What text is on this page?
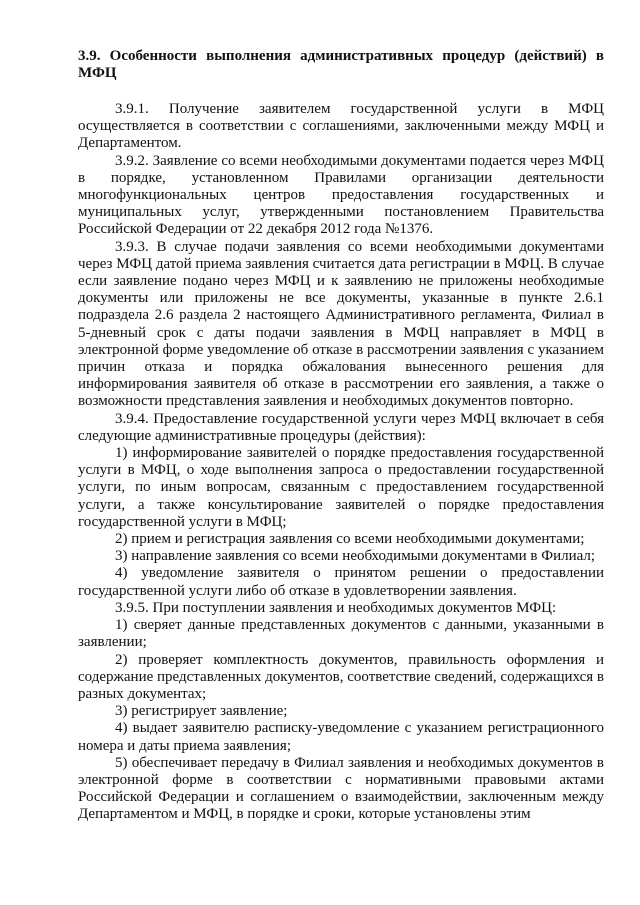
3.9. Особенности выполнения административных процедур (действий) в МФЦ

3.9.1. Получение заявителем государственной услуги в МФЦ осуществляется в соответствии с соглашениями, заключенными между МФЦ и Департаментом.

3.9.2. Заявление со всеми необходимыми документами подается через МФЦ в порядке, установленном Правилами организации деятельности многофункциональных центров предоставления государственных и муниципальных услуг, утвержденными постановлением Правительства Российской Федерации от 22 декабря 2012 года №1376.

3.9.3. В случае подачи заявления со всеми необходимыми документами через МФЦ датой приема заявления считается дата регистрации в МФЦ. В случае если заявление подано через МФЦ и к заявлению не приложены необходимые документы или приложены не все документы, указанные в пункте 2.6.1 подраздела 2.6 раздела 2 настоящего Административного регламента, Филиал в 5-дневный срок с даты подачи заявления в МФЦ направляет в МФЦ в электронной форме уведомление об отказе в рассмотрении заявления с указанием причин отказа и порядка обжалования вынесенного решения для информирования заявителя об отказе в рассмотрении его заявления, а также о возможности представления заявления и необходимых документов повторно.

3.9.4. Предоставление государственной услуги через МФЦ включает в себя следующие административные процедуры (действия):

1) информирование заявителей о порядке предоставления государственной услуги в МФЦ, о ходе выполнения запроса о предоставлении государственной услуги, по иным вопросам, связанным с предоставлением государственной услуги, а также консультирование заявителей о порядке предоставления государственной услуги в МФЦ;

2) прием и регистрация заявления со всеми необходимыми документами;

3) направление заявления со всеми необходимыми документами в Филиал;

4) уведомление заявителя о принятом решении о предоставлении государственной услуги либо об отказе в удовлетворении заявления.

3.9.5. При поступлении заявления и необходимых документов МФЦ:

1) сверяет данные представленных документов с данными, указанными в заявлении;

2) проверяет комплектность документов, правильность оформления и содержание представленных документов, соответствие сведений, содержащихся в разных документах;

3) регистрирует заявление;

4) выдает заявителю расписку-уведомление с указанием регистрационного номера и даты приема заявления;

5) обеспечивает передачу в Филиал заявления и необходимых документов в электронной форме в соответствии с нормативными правовыми актами Российской Федерации и соглашением о взаимодействии, заключенным между Департаментом и МФЦ, в порядке и сроки, которые установлены этим
